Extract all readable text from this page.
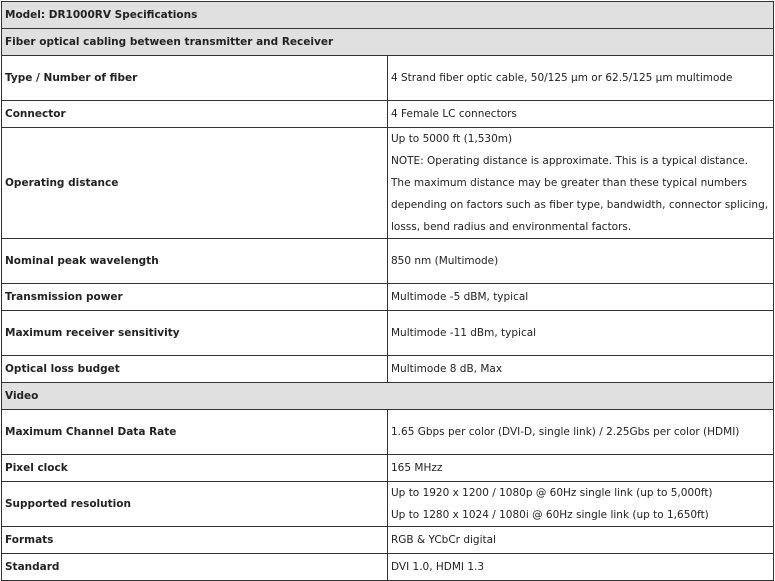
Model: DR1000RV Specifications	
Fiber optical cabling between transmitter and Receiver	
Type / Number of fiber	4 Strand fiber optic cable, 50/125 µm or 62.5/125 µm multimode

Connector	4 Female LC connectors

Operating distance	Up to 5000 ft (1,530m)
NOTE: Operating distance is approximate. This is a typical distance. The maximum distance may be greater than these typical numbers depending on factors such as fiber type, bandwidth, connector splicing, losss, bend radius and environmental factors.

Nominal peak wavelength	850 nm (Multimode)

Transmission power	Multimode -5 dBM, typical

Maximum receiver sensitivity	Multimode -11 dBm, typical

Optical loss budget	Multimode 8 dB, Max

Video	
Maximum Channel Data Rate	1.65 Gbps per color (DVI-D, single link) / 2.25Gbs per color (HDMI)

Pixel clock	165 MHzz

Supported resolution	Up to 1920 x 1200 / 1080p @ 60Hz single link (up to 5,000ft)
Up to 1280 x 1024 / 1080i @ 60Hz single link (up to 1,650ft)

Formats	RGB & YCbCr digital

Standard	DVI 1.0, HDMI 1.3
